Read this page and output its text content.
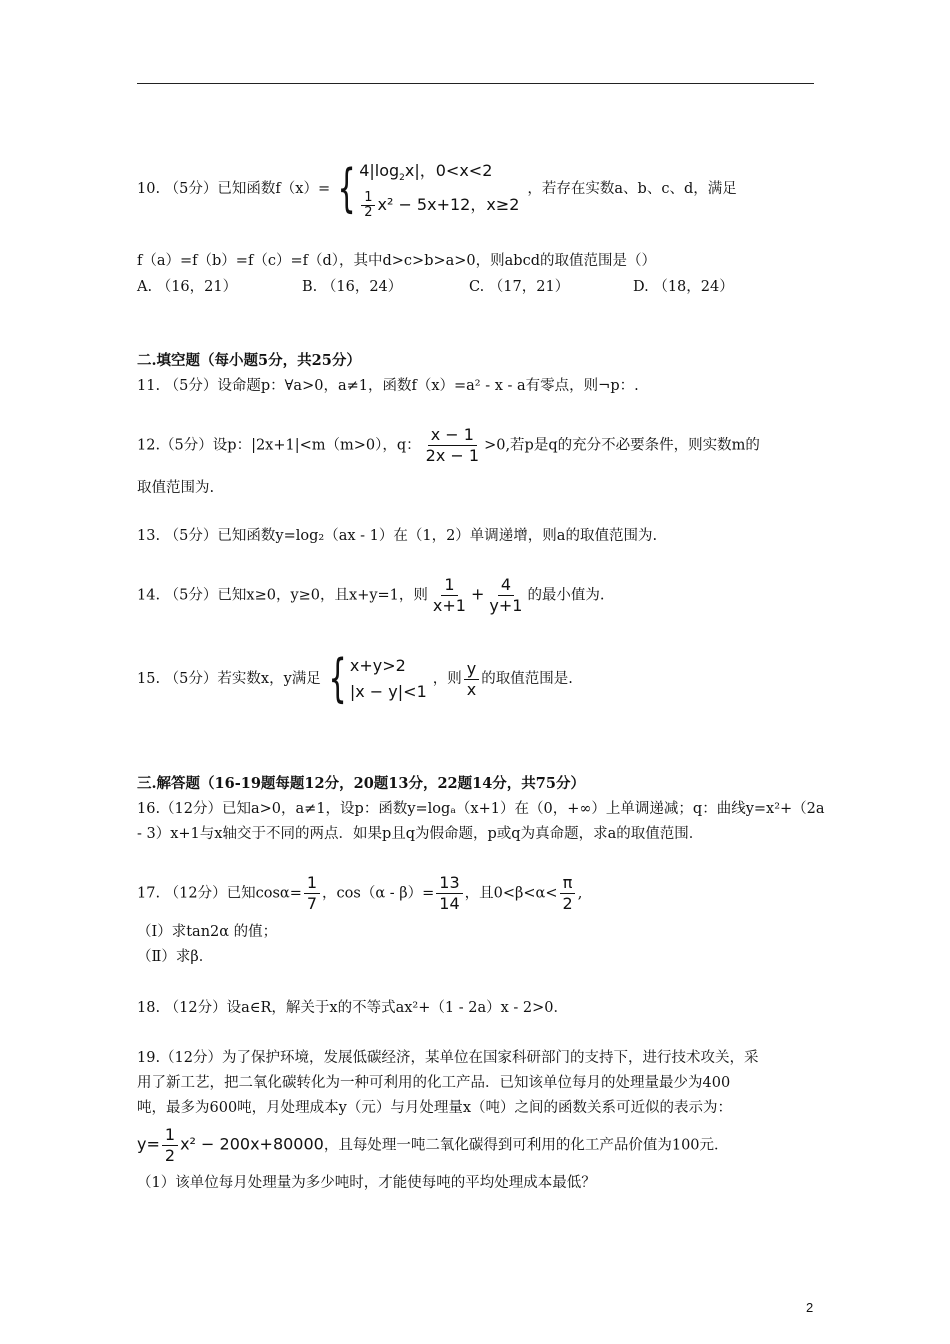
10. （5分）已知函数f（x）= { $4|\log_2x|$，0<x<2
$\frac{1}{2} x^2 - 5x+12$，x≥2
，若存在实数a、b、c、d，满足
f（a）=f（b）=f（c）=f（d），其中d>c>b>a>0，则abcd的取值范围是（）
A. （16，21）	B. （16，24）	C. （17，21）	D. （18，24）
二.填空题（每小题5分，共25分）
11. （5分）设命题p：∀a>0，a≠1，函数f（x）=a² - x - a有零点，则¬p：.
12.（5分）设p：|2x+1|<m（m>0），q： $\frac{x - 1}{2x - 1} >0$,若p是q的充分不必要条件，则实数m的
取值范围为.
13. （5分）已知函数y=log₂（ax - 1）在（1，2）单调递增，则a的取值范围为.
14. （5分）已知x≥0，y≥0，且x+y=1，则 $\frac{1}{x+1} + \frac{4}{y+1}$ 的最小值为.
15. （5分）若实数x，y满足 { x+y>2
|x − y|<1
，则 $\frac{y}{x}$ 的取值范围是.
三.解答题（16-19题每题12分，20题13分，22题14分，共75分）
16.（12分）已知a>0，a≠1，设p：函数y=logₐ（x+1）在（0，+∞）上单调递减；q：曲线y=x²+（2a
- 3）x+1与x轴交于不同的两点．如果p且q为假命题，p或q为真命题，求a的取值范围．
17. （12分）已知$\cos\alpha= \frac{1}{7}$ ，$\cos(\alpha - \beta)= \frac{13}{14}$ ，且$0<\beta<\alpha< \frac{\pi}{2}$ ,
（Ⅰ）求tan2α 的值；
（Ⅱ）求β．
18. （12分）设a∈R，解关于x的不等式ax²+（1 - 2a）x - 2>0．
19.（12分）为了保护环境，发展低碳经济，某单位在国家科研部门的支持下，进行技术攻关，采
用了新工艺，把二氧化碳转化为一种可利用的化工产品．已知该单位每月的处理量最少为400
吨，最多为600吨，月处理成本y（元）与月处理量x（吨）之间的函数关系可近似的表示为：
$y= \frac{1}{2} x^2 - 200x+80000$，且每处理一吨二氧化碳得到可利用的化工产品价值为100元．
（1）该单位每月处理量为多少吨时，才能使每吨的平均处理成本最低？
2
